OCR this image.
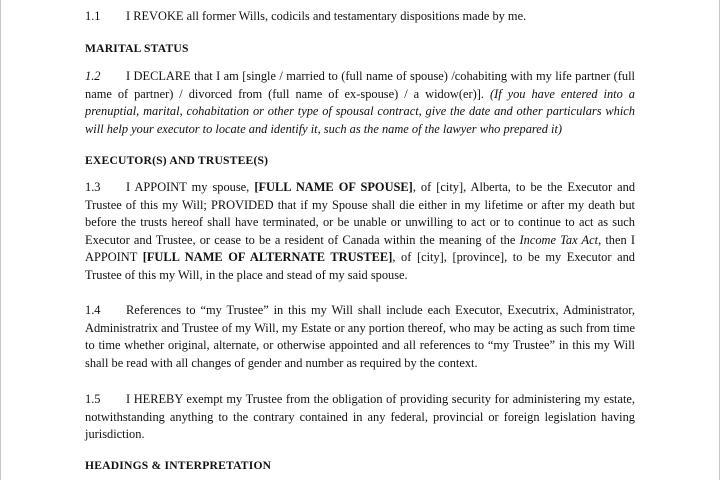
1.1 I REVOKE all former Wills, codicils and testamentary dispositions made by me.
MARITAL STATUS
1.2 I DECLARE that I am [single / married to (full name of spouse) /cohabiting with my life partner (full name of partner) / divorced from (full name of ex-spouse) / a widow(er)]. (If you have entered into a prenuptial, marital, cohabitation or other type of spousal contract, give the date and other particulars which will help your executor to locate and identify it, such as the name of the lawyer who prepared it)
EXECUTOR(S) AND TRUSTEE(S)
1.3 I APPOINT my spouse, [FULL NAME OF SPOUSE], of [city], Alberta, to be the Executor and Trustee of this my Will; PROVIDED that if my Spouse shall die either in my lifetime or after my death but before the trusts hereof shall have terminated, or be unable or unwilling to act or to continue to act as such Executor and Trustee, or cease to be a resident of Canada within the meaning of the Income Tax Act, then I APPOINT [FULL NAME OF ALTERNATE TRUSTEE], of [city], [province], to be my Executor and Trustee of this my Will, in the place and stead of my said spouse.
1.4 References to “my Trustee” in this my Will shall include each Executor, Executrix, Administrator, Administratrix and Trustee of my Will, my Estate or any portion thereof, who may be acting as such from time to time whether original, alternate, or otherwise appointed and all references to “my Trustee” in this my Will shall be read with all changes of gender and number as required by the context.
1.5 I HEREBY exempt my Trustee from the obligation of providing security for administering my estate, notwithstanding anything to the contrary contained in any federal, provincial or foreign legislation having jurisdiction.
HEADINGS & INTERPRETATION
